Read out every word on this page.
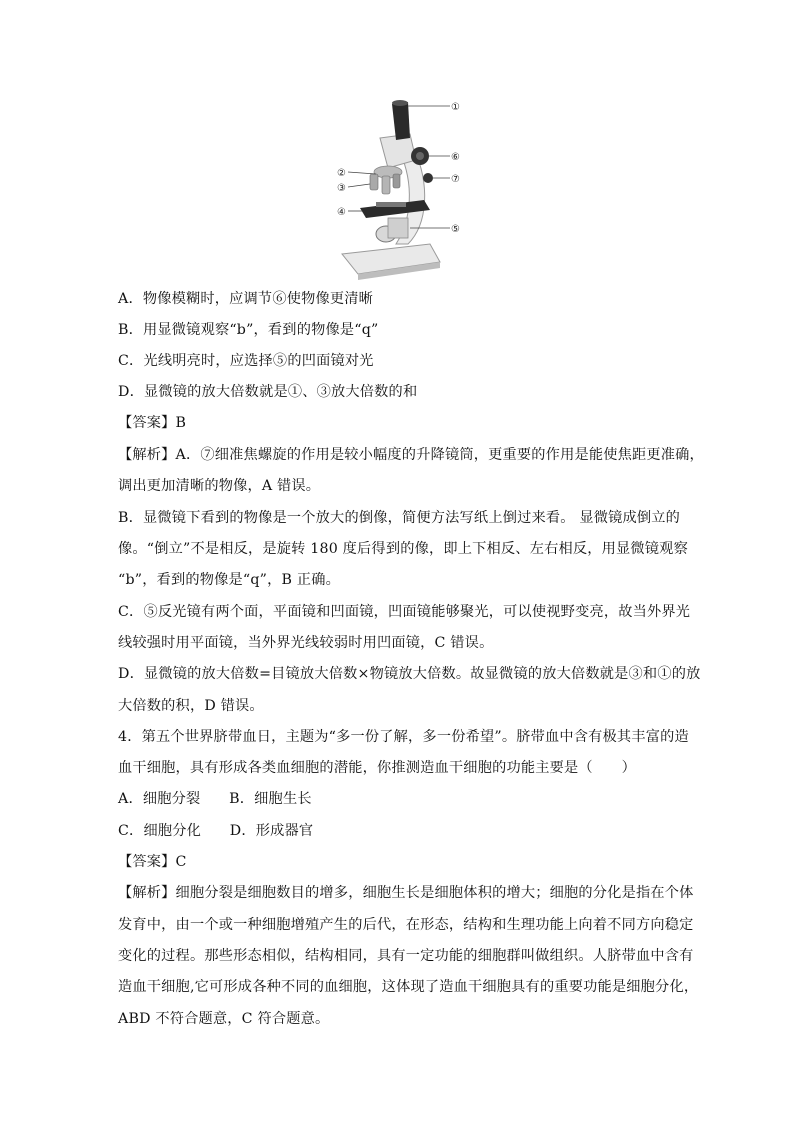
①
②
③
④
⑤
⑥
⑦
A．物像模糊时，应调节⑥使物像更清晰
B．用显微镜观察“b”，看到的物像是“q”
C．光线明亮时，应选择⑤的凹面镜对光
D．显微镜的放大倍数就是①、③放大倍数的和
【答案】B
【解析】A．⑦细准焦螺旋的作用是较小幅度的升降镜筒，更重要的作用是能使焦距更准确，
调出更加清晰的物像，A 错误。
B．显微镜下看到的物像是一个放大的倒像，简便方法写纸上倒过来看。 显微镜成倒立的
像。“倒立”不是相反，是旋转 180 度后得到的像，即上下相反、左右相反，用显微镜观察
“b”，看到的物像是“q”，B 正确。
C．⑤反光镜有两个面，平面镜和凹面镜，凹面镜能够聚光，可以使视野变亮，故当外界光
线较强时用平面镜，当外界光线较弱时用凹面镜，C 错误。
D．显微镜的放大倍数=目镜放大倍数×物镜放大倍数。故显微镜的放大倍数就是③和①的放
大倍数的积，D 错误。
4．第五个世界脐带血日，主题为“多一份了解，多一份希望”。脐带血中含有极其丰富的造
血干细胞，具有形成各类血细胞的潜能，你推测造血干细胞的功能主要是（　　）
A．细胞分裂　　B．细胞生长
C．细胞分化　　D．形成器官
【答案】C
【解析】细胞分裂是细胞数目的增多，细胞生长是细胞体积的增大；细胞的分化是指在个体
发育中，由一个或一种细胞增殖产生的后代，在形态，结构和生理功能上向着不同方向稳定
变化的过程。那些形态相似，结构相同，具有一定功能的细胞群叫做组织。人脐带血中含有
造血干细胞,它可形成各种不同的血细胞，这体现了造血干细胞具有的重要功能是细胞分化，
ABD 不符合题意，C 符合题意。
